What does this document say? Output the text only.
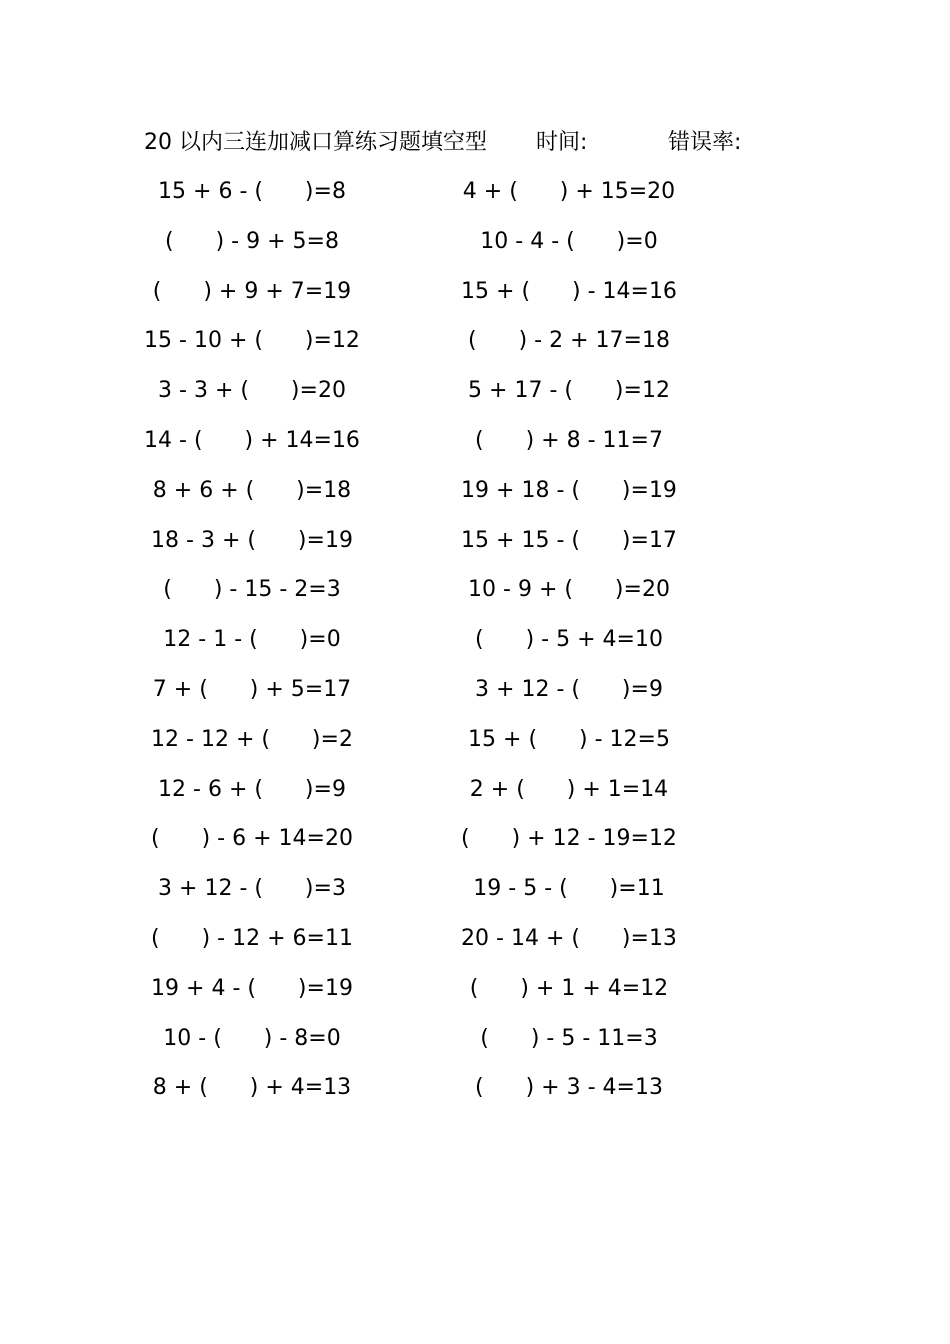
20 以内三连加减口算练习题填空型 时间:	错误率:
15 + 6 - (      )=8	4 + (      ) + 15=20
(      ) - 9 + 5=8	10 - 4 - (      )=0
(      ) + 9 + 7=19	15 + (      ) - 14=16
15 - 10 + (      )=12	(      ) - 2 + 17=18
3 - 3 + (      )=20	5 + 17 - (      )=12
14 - (      ) + 14=16	(      ) + 8 - 11=7
8 + 6 + (      )=18	19 + 18 - (      )=19
18 - 3 + (      )=19	15 + 15 - (      )=17
(      ) - 15 - 2=3	10 - 9 + (      )=20
12 - 1 - (      )=0	(      ) - 5 + 4=10
7 + (      ) + 5=17	3 + 12 - (      )=9
12 - 12 + (      )=2	15 + (      ) - 12=5
12 - 6 + (      )=9	2 + (      ) + 1=14
(      ) - 6 + 14=20	(      ) + 12 - 19=12
3 + 12 - (      )=3	19 - 5 - (      )=11
(      ) - 12 + 6=11	20 - 14 + (      )=13
19 + 4 - (      )=19	(      ) + 1 + 4=12
10 - (      ) - 8=0	(      ) - 5 - 11=3
8 + (      ) + 4=13	(      ) + 3 - 4=13
